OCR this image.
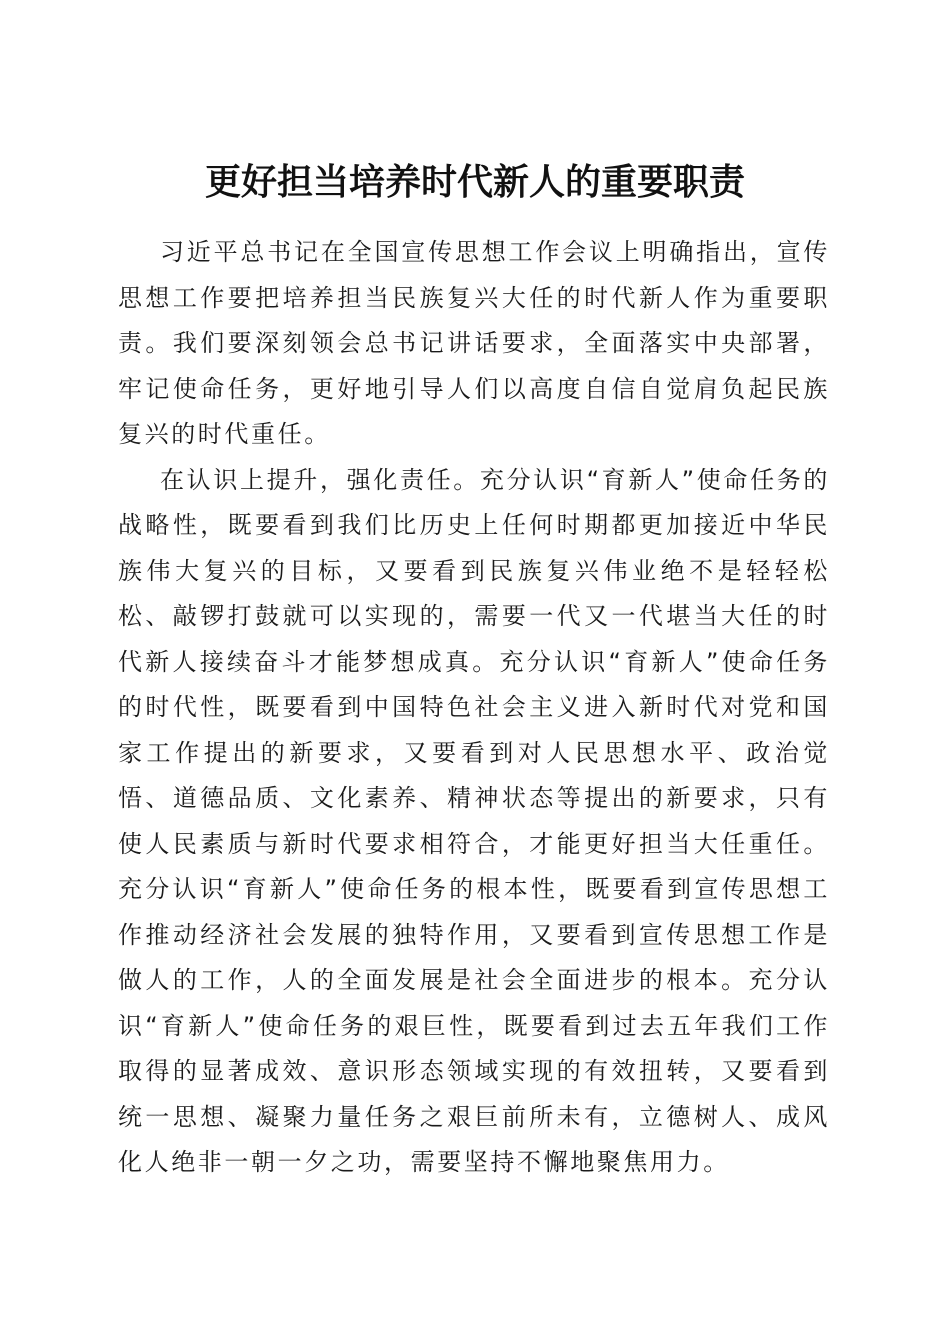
更好担当培养时代新人的重要职责

习近平总书记在全国宣传思想工作会议上明确指出，宣传思想工作要把培养担当民族复兴大任的时代新人作为重要职责。我们要深刻领会总书记讲话要求，全面落实中央部署，牢记使命任务，更好地引导人们以高度自信自觉肩负起民族复兴的时代重任。

在认识上提升，强化责任。充分认识“育新人”使命任务的战略性，既要看到我们比历史上任何时期都更加接近中华民族伟大复兴的目标，又要看到民族复兴伟业绝不是轻轻松松、敲锣打鼓就可以实现的，需要一代又一代堪当大任的时代新人接续奋斗才能梦想成真。充分认识“育新人”使命任务的时代性，既要看到中国特色社会主义进入新时代对党和国家工作提出的新要求，又要看到对人民思想水平、政治觉悟、道德品质、文化素养、精神状态等提出的新要求，只有使人民素质与新时代要求相符合，才能更好担当大任重任。充分认识“育新人”使命任务的根本性，既要看到宣传思想工作推动经济社会发展的独特作用，又要看到宣传思想工作是做人的工作，人的全面发展是社会全面进步的根本。充分认识“育新人”使命任务的艰巨性，既要看到过去五年我们工作取得的显著成效、意识形态领域实现的有效扭转，又要看到统一思想、凝聚力量任务之艰巨前所未有，立德树人、成风化人绝非一朝一夕之功，需要坚持不懈地聚焦用力。
